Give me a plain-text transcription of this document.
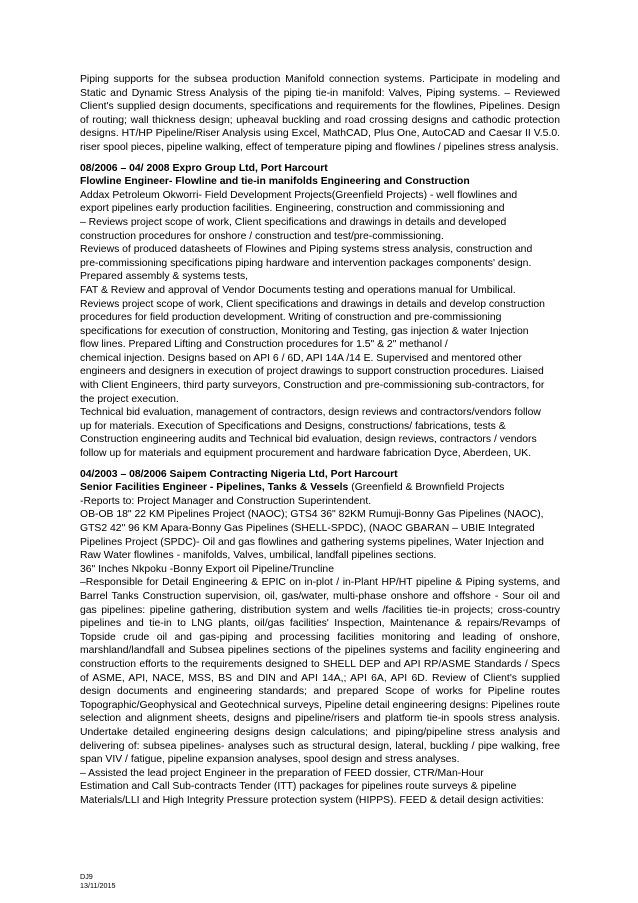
Piping supports for the subsea production Manifold connection systems. Participate in modeling and Static and Dynamic Stress Analysis of the piping tie-in manifold: Valves, Piping systems. – Reviewed Client's supplied design documents, specifications and requirements for the flowlines, Pipelines. Design of routing; wall thickness design; upheaval buckling and road crossing designs and cathodic protection designs. HT/HP Pipeline/Riser Analysis using Excel, MathCAD, Plus One, AutoCAD and Caesar II V.5.0. riser spool pieces, pipeline walking, effect of temperature piping and flowlines / pipelines stress analysis.

08/2006 – 04/ 2008 Expro Group Ltd, Port Harcourt

Flowline Engineer- Flowline and tie-in manifolds Engineering and Construction

Addax Petroleum Okworri- Field Development Projects(Greenfield Projects) - well flowlines and

export pipelines early production facilities. Engineering, construction and commissioning and

– Reviews project scope of work, Client specifications and drawings in details and developed

construction procedures for onshore / construction and test/pre-commissioning.

Reviews of produced datasheets of Flowines and Piping systems stress analysis, construction and

pre-commissioning specifications piping hardware and intervention packages components' design.

Prepared assembly & systems tests,

FAT & Review and approval of Vendor Documents testing and operations manual for Umbilical.

Reviews project scope of work, Client specifications and drawings in details and develop construction

procedures for field production development. Writing of construction and pre-commissioning

specifications for execution of construction, Monitoring and Testing, gas injection & water Injection

flow lines. Prepared Lifting and Construction procedures for 1.5" & 2" methanol /

chemical injection. Designs based on API 6 / 6D, API 14A /14 E. Supervised and mentored other

engineers and designers in execution of project drawings to support construction procedures. Liaised

with Client Engineers, third party surveyors, Construction and pre-commissioning sub-contractors, for

the project execution.

Technical bid evaluation, management of contractors, design reviews and contractors/vendors follow

up for materials. Execution of Specifications and Designs, constructions/ fabrications, tests &

Construction engineering audits and Technical bid evaluation, design reviews, contractors / vendors

follow up for materials and equipment procurement and hardware fabrication Dyce, Aberdeen, UK.

04/2003 – 08/2006 Saipem Contracting Nigeria Ltd, Port Harcourt

Senior Facilities Engineer - Pipelines, Tanks & Vessels (Greenfield & Brownfield Projects

-Reports to: Project Manager and Construction Superintendent.

OB-OB 18" 22 KM Pipelines Project (NAOC); GTS4 36" 82KM Rumuji-Bonny Gas Pipelines (NAOC),

GTS2 42" 96 KM Apara-Bonny Gas Pipelines (SHELL-SPDC), (NAOC GBARAN – UBIE Integrated

Pipelines Project (SPDC)- Oil and gas flowlines and gathering systems pipelines, Water Injection and

Raw Water flowlines - manifolds, Valves, umbilical, landfall pipelines sections.

36" Inches Nkpoku -Bonny Export oil Pipeline/Truncline

–Responsible for Detail Engineering & EPIC on in-plot / in-Plant HP/HT pipeline & Piping systems, and Barrel Tanks Construction supervision, oil, gas/water, multi-phase onshore and offshore - Sour oil and gas pipelines: pipeline gathering, distribution system and wells /facilities tie-in projects; cross-country pipelines and tie-in to LNG plants, oil/gas facilities' Inspection, Maintenance & repairs/Revamps of Topside crude oil and gas-piping and processing facilities monitoring and leading of onshore, marshland/landfall and Subsea pipelines sections of the pipelines systems and facility engineering and construction efforts to the requirements designed to SHELL DEP and API RP/ASME Standards / Specs of ASME, API, NACE, MSS, BS and DIN and API 14A,; API 6A, API 6D. Review of Client's supplied design documents and engineering standards; and prepared Scope of works for Pipeline routes Topographic/Geophysical and Geotechnical surveys, Pipeline detail engineering designs: Pipelines route selection and alignment sheets, designs and pipeline/risers and platform tie-in spools stress analysis. Undertake detailed engineering designs design calculations; and piping/pipeline stress analysis and delivering of: subsea pipelines- analyses such as structural design, lateral, buckling / pipe walking, free span VIV / fatigue, pipeline expansion analyses, spool design and stress analyses.

– Assisted the lead project Engineer in the preparation of FEED dossier, CTR/Man-Hour

Estimation and Call Sub-contracts Tender (ITT) packages for pipelines route surveys & pipeline

Materials/LLI and High Integrity Pressure protection system (HIPPS). FEED & detail design activities:

DJ9
13/11/2015
